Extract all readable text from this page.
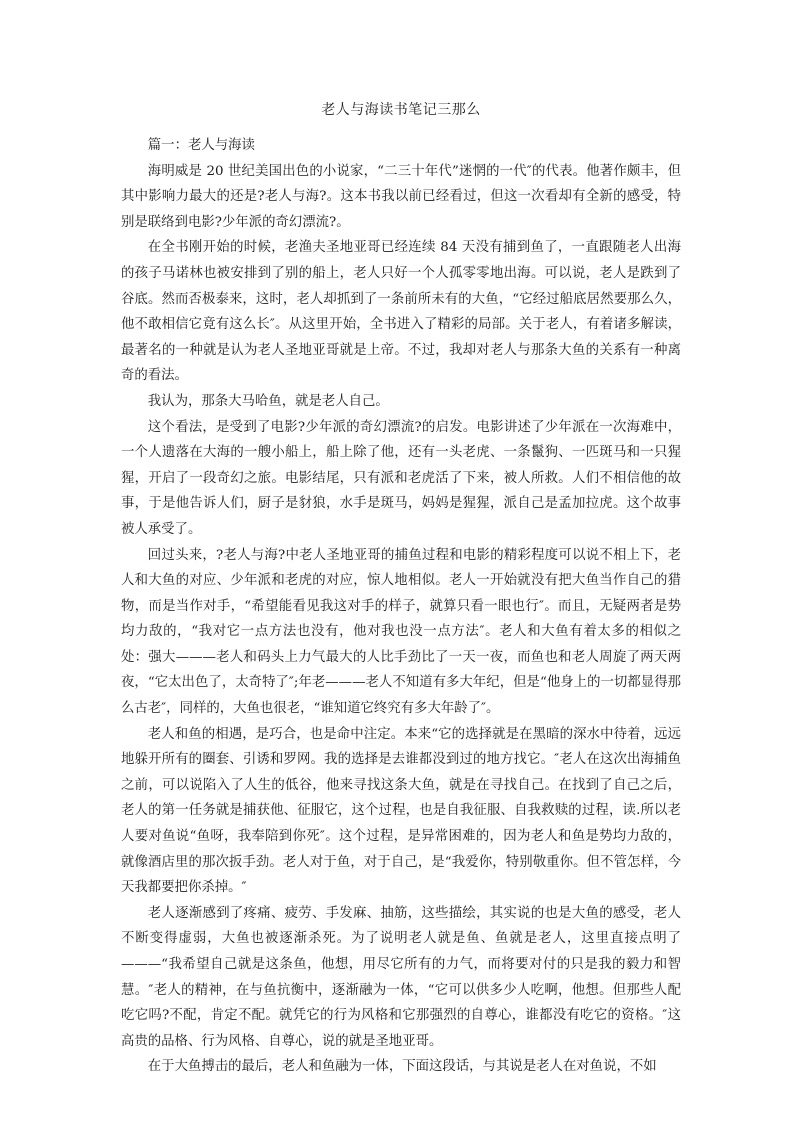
老人与海读书笔记三那么

篇一：老人与海读

海明威是 20 世纪美国出色的小说家，“二三十年代”迷惘的一代″的代表。他著作颇丰，但其中影响力最大的还是?老人与海?。这本书我以前已经看过，但这一次看却有全新的感受，特别是联络到电影?少年派的奇幻漂流?。

在全书刚开始的时候，老渔夫圣地亚哥已经连续 84 天没有捕到鱼了，一直跟随老人出海的孩子马诺林也被安排到了别的船上，老人只好一个人孤零零地出海。可以说，老人是跌到了谷底。然而否极泰来，这时，老人却抓到了一条前所未有的大鱼，“它经过船底居然要那么久，他不敢相信它竟有这么长″。从这里开始，全书进入了精彩的局部。关于老人，有着诸多解读，最著名的一种就是认为老人圣地亚哥就是上帝。不过，我却对老人与那条大鱼的关系有一种离奇的看法。

我认为，那条大马哈鱼，就是老人自己。

这个看法，是受到了电影?少年派的奇幻漂流?的启发。电影讲述了少年派在一次海难中，一个人遗落在大海的一艘小船上，船上除了他，还有一头老虎、一条鬣狗、一匹斑马和一只猩猩，开启了一段奇幻之旅。电影结尾，只有派和老虎活了下来，被人所救。人们不相信他的故事，于是他告诉人们，厨子是豺狼，水手是斑马，妈妈是猩猩，派自己是孟加拉虎。这个故事被人承受了。

回过头来，?老人与海?中老人圣地亚哥的捕鱼过程和电影的精彩程度可以说不相上下，老人和大鱼的对应、少年派和老虎的对应，惊人地相似。老人一开始就没有把大鱼当作自己的猎物，而是当作对手，“希望能看见我这对手的样子，就算只看一眼也行″。而且，无疑两者是势均力敌的，“我对它一点方法也没有，他对我也没一点方法″。老人和大鱼有着太多的相似之处：强大———老人和码头上力气最大的人比手劲比了一天一夜，而鱼也和老人周旋了两天两夜，“它太出色了，太奇特了″;年老———老人不知道有多大年纪，但是“他身上的一切都显得那么古老″，同样的，大鱼也很老，“谁知道它终究有多大年龄了″。

老人和鱼的相遇，是巧合，也是命中注定。本来“它的选择就是在黑暗的深水中待着，远远地躲开所有的圈套、引诱和罗网。我的选择是去谁都没到过的地方找它。″老人在这次出海捕鱼之前，可以说陷入了人生的低谷，他来寻找这条大鱼，就是在寻找自己。在找到了自己之后，老人的第一任务就是捕获他、征服它，这个过程，也是自我征服、自我救赎的过程，读.所以老人要对鱼说“鱼呀，我奉陪到你死″。这个过程，是异常困难的，因为老人和鱼是势均力敌的，就像酒店里的那次扳手劲。老人对于鱼，对于自己，是“我爱你，特别敬重你。但不管怎样，今天我都要把你杀掉。″

老人逐渐感到了疼痛、疲劳、手发麻、抽筋，这些描绘，其实说的也是大鱼的感受，老人不断变得虚弱，大鱼也被逐渐杀死。为了说明老人就是鱼、鱼就是老人，这里直接点明了———“我希望自己就是这条鱼，他想，用尽它所有的力气，而将要对付的只是我的毅力和智慧。″老人的精神，在与鱼抗衡中，逐渐融为一体，“它可以供多少人吃啊，他想。但那些人配吃它吗?不配，肯定不配。就凭它的行为风格和它那强烈的自尊心，谁都没有吃它的资格。″这高贵的品格、行为风格、自尊心，说的就是圣地亚哥。

在于大鱼搏击的最后，老人和鱼融为一体，下面这段话，与其说是老人在对鱼说，不如
